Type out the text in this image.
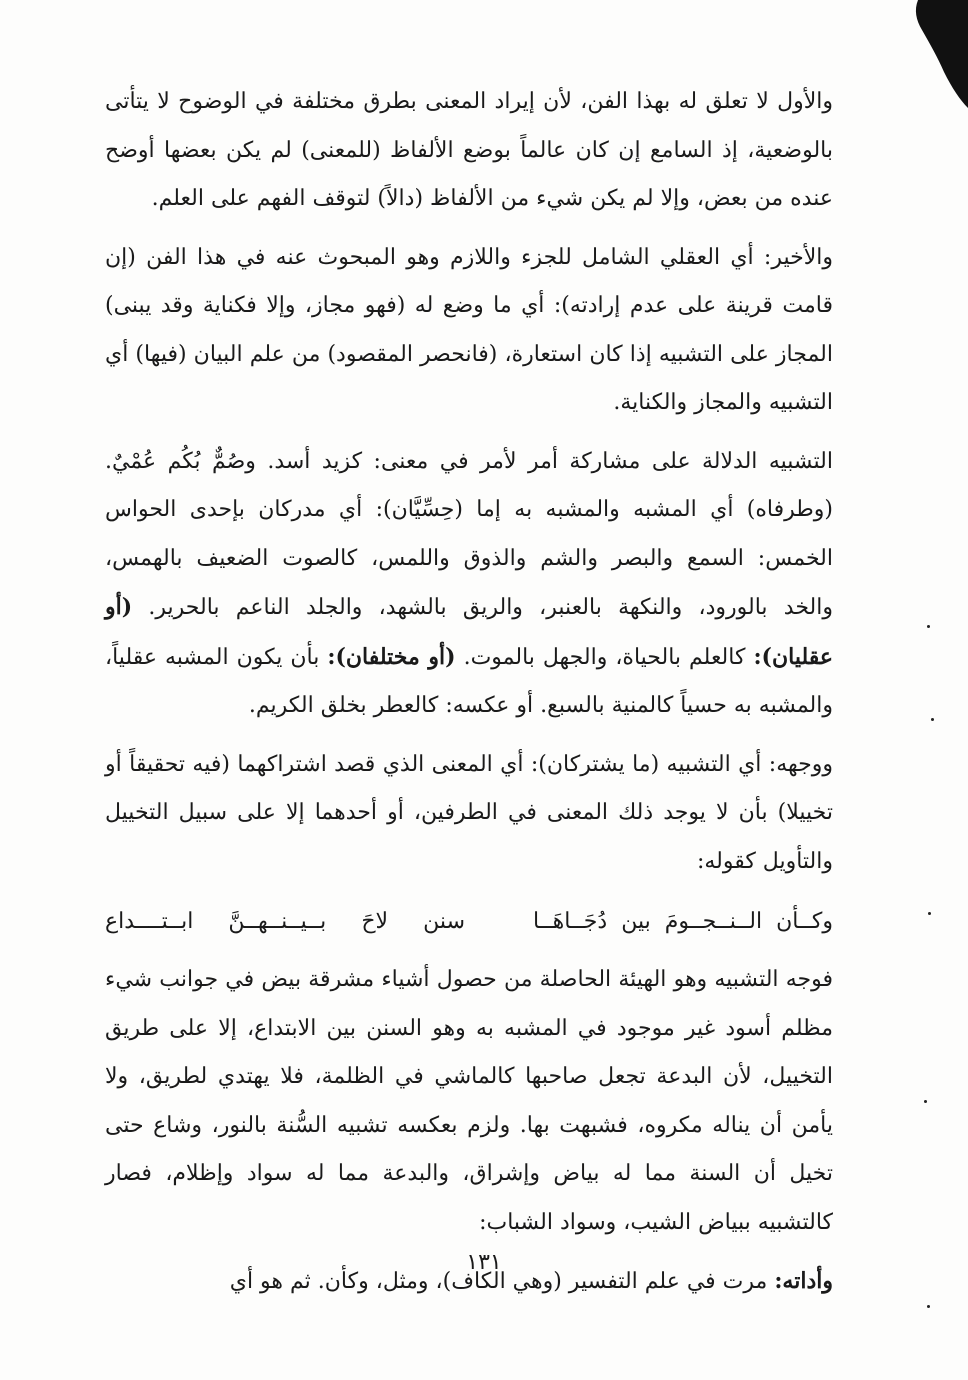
والأول لا تعلق له بهذا الفن، لأن إيراد المعنى بطرق مختلفة في الوضوح لا يتأتى بالوضعية، إذ السامع إن كان عالماً بوضع الألفاظ (للمعنى) لم يكن بعضها أوضح عنده من بعض، وإلا لم يكن شيء من الألفاظ (دالاً) لتوقف الفهم على العلم.

والأخير: أي العقلي الشامل للجزء واللازم وهو المبحوث عنه في هذا الفن (إن قامت قرينة على عدم إرادته): أي ما وضع له (فهو مجاز، وإلا فكناية وقد يبنى) المجاز على التشبيه إذا كان استعارة، (فانحصر المقصود) من علم البيان (فيها) أي التشبيه والمجاز والكناية.

التشبيه الدلالة على مشاركة أمر لأمر في معنى: كزيد أسد. وصُمٌّ بُكُم عُمْيٌ. (وطرفاه) أي المشبه والمشبه به إما (حِسِّيَّان): أي مدركان بإحدى الحواس الخمس: السمع والبصر والشم والذوق واللمس، كالصوت الضعيف بالهمس، والخد بالورود، والنكهة بالعنبر، والريق بالشهد، والجلد الناعم بالحرير. (أو عقليان): كالعلم بالحياة، والجهل بالموت. (أو مختلفان): بأن يكون المشبه عقلياً، والمشبه به حسياً كالمنية بالسبع. أو عكسه: كالعطر بخلق الكريم.

ووجهه: أي التشبيه (ما يشتركان): أي المعنى الذي قصد اشتراكهما (فيه تحقيقاً أو تخييلا) بأن لا يوجد ذلك المعنى في الطرفين، أو أحدهما إلا على سبيل التخييل والتأويل كقوله:

وكــأن الــنــجــومَ بين دُجَــاهَــا
سنن لاحَ بــيــنــهــنَّ ابــتــــداع

فوجه التشبيه وهو الهيئة الحاصلة من حصول أشياء مشرقة بيض في جوانب شيء مظلم أسود غير موجود في المشبه به وهو السنن بين الابتداع، إلا على طريق التخييل، لأن البدعة تجعل صاحبها كالماشي في الظلمة، فلا يهتدي لطريق، ولا يأمن أن يناله مكروه، فشبهت بها. ولزم بعكسه تشبيه السُّنة بالنور، وشاع حتى تخيل أن السنة مما له بياض وإشراق، والبدعة مما له سواد وإظلام، فصار كالتشبيه ببياض الشيب، وسواد الشباب:

وأداته: مرت في علم التفسير (وهي الكاف)، ومثل، وكأن. ثم هو أي

١٣١
